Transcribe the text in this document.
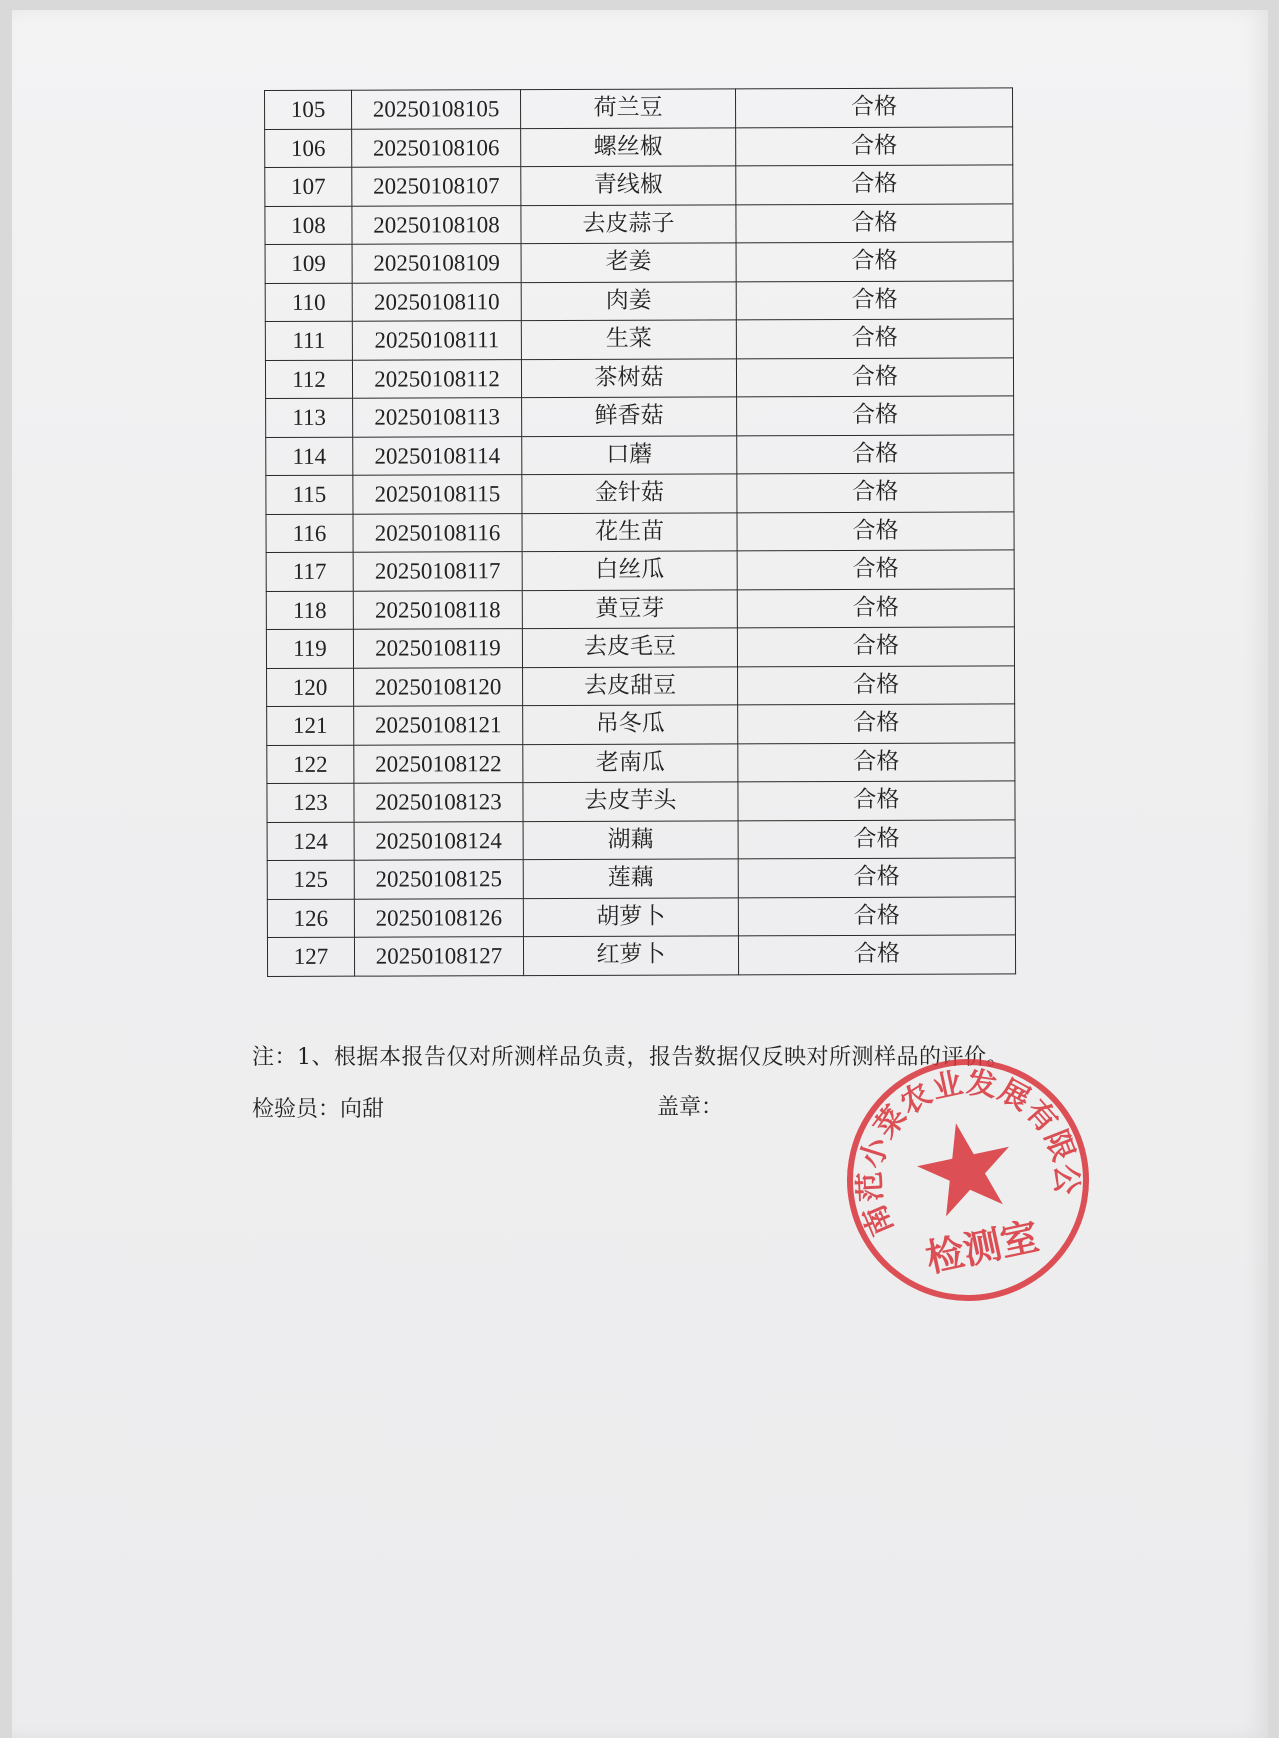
105	20250108105	荷兰豆	合格
106	20250108106	螺丝椒	合格
107	20250108107	青线椒	合格
108	20250108108	去皮蒜子	合格
109	20250108109	老姜	合格
110	20250108110	肉姜	合格
111	20250108111	生菜	合格
112	20250108112	茶树菇	合格
113	20250108113	鲜香菇	合格
114	20250108114	口蘑	合格
115	20250108115	金针菇	合格
116	20250108116	花生苗	合格
117	20250108117	白丝瓜	合格
118	20250108118	黄豆芽	合格
119	20250108119	去皮毛豆	合格
120	20250108120	去皮甜豆	合格
121	20250108121	吊冬瓜	合格
122	20250108122	老南瓜	合格
123	20250108123	去皮芋头	合格
124	20250108124	湖藕	合格
125	20250108125	莲藕	合格
126	20250108126	胡萝卜	合格
127	20250108127	红萝卜	合格
注：1、根据本报告仅对所测样品负责，报告数据仅反映对所测样品的评价。
检验员：向甜	盖章：
湖南范小菜农业发展有限公司
检测室
